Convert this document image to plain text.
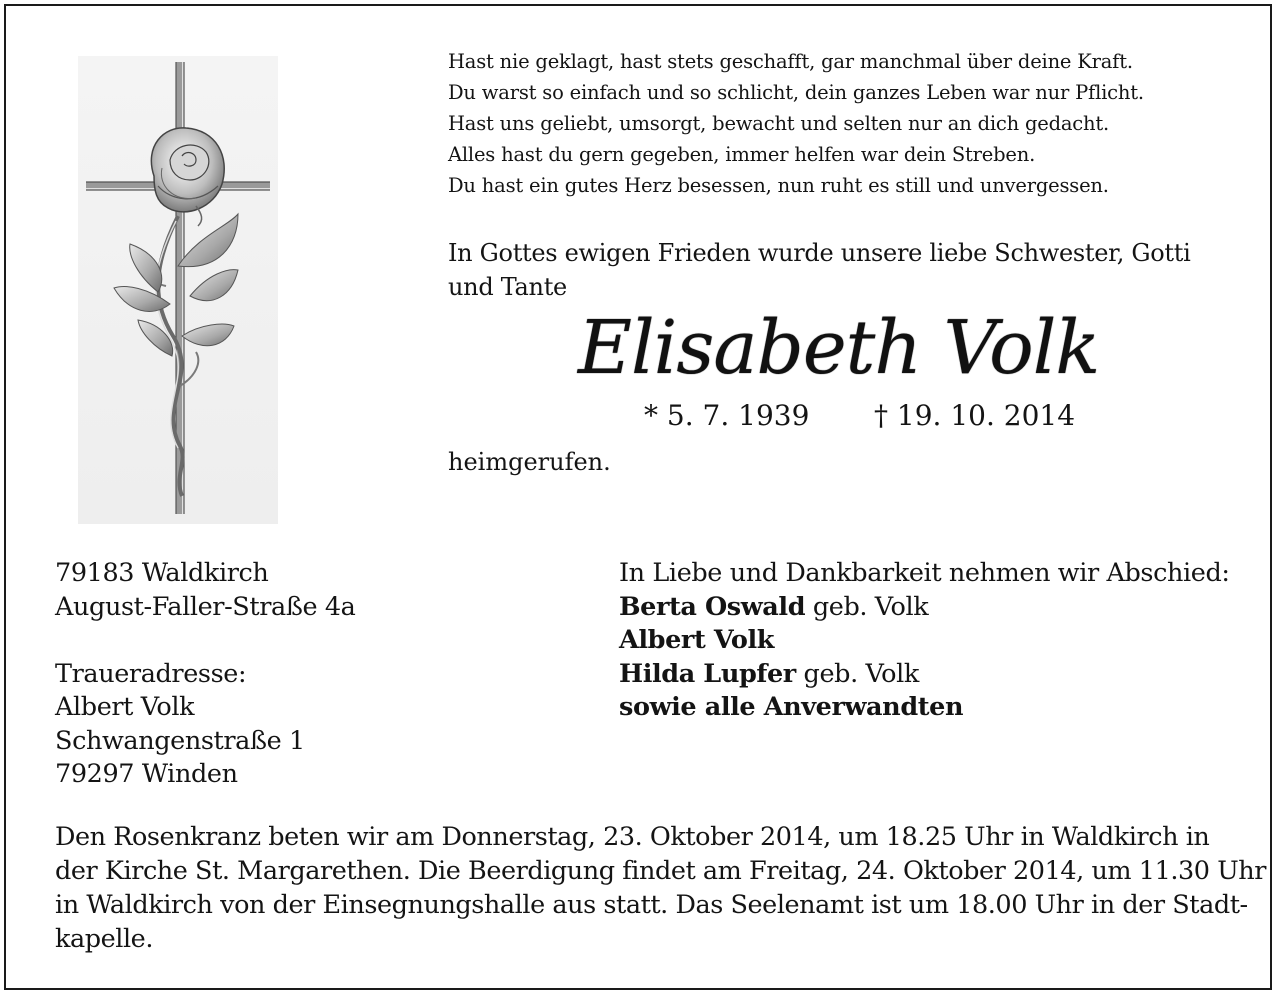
Hast nie geklagt, hast stets geschafft, gar manchmal über deine Kraft.
Du warst so einfach und so schlicht, dein ganzes Leben war nur Pflicht.
Hast uns geliebt, umsorgt, bewacht und selten nur an dich gedacht.
Alles hast du gern gegeben, immer helfen war dein Streben.
Du hast ein gutes Herz besessen, nun ruht es still und unvergessen.
In Gottes ewigen Frieden wurde unsere liebe Schwester, Gotti
und Tante
Elisabeth Volk
* 5. 7. 1939 † 19. 10. 2014
heimgerufen.
79183 Waldkirch
August-Faller-Straße 4a
Traueradresse:
Albert Volk
Schwangenstraße 1
79297 Winden
In Liebe und Dankbarkeit nehmen wir Abschied:
Berta Oswald geb. Volk
Albert Volk
Hilda Lupfer geb. Volk
sowie alle Anverwandten
Den Rosenkranz beten wir am Donnerstag, 23. Oktober 2014, um 18.25 Uhr in Waldkirch in
der Kirche St. Margarethen. Die Beerdigung findet am Freitag, 24. Oktober 2014, um 11.30 Uhr
in Waldkirch von der Einsegnungshalle aus statt. Das Seelenamt ist um 18.00 Uhr in der Stadt-
kapelle.
